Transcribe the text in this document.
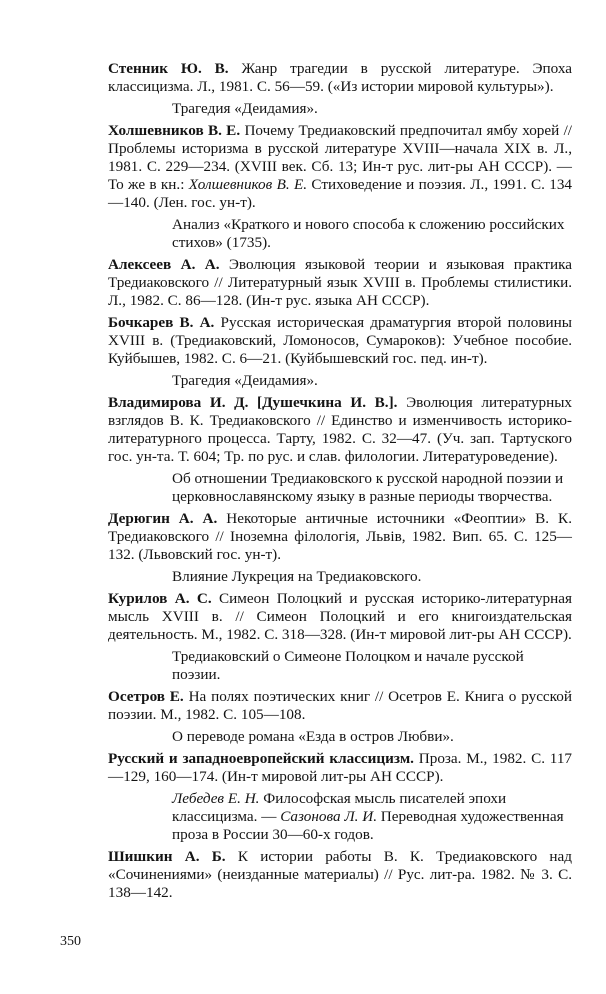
Стенник Ю. В. Жанр трагедии в русской литературе. Эпоха классицизма. Л., 1981. С. 56—59. («Из истории мировой культуры»).

Трагедия «Деидамия».

Холшевников В. Е. Почему Тредиаковский предпочитал ямбу хорей // Проблемы историзма в русской литературе XVIII—начала XIX в. Л., 1981. С. 229—234. (XVIII век. Сб. 13; Ин-т рус. лит-ры АН СССР). — То же в кн.: Холшевников В. Е. Стиховедение и поэзия. Л., 1991. С. 134—140. (Лен. гос. ун-т).

Анализ «Краткого и нового способа к сложению российских стихов» (1735).

Алексеев А. А. Эволюция языковой теории и языковая практика Тредиаковского // Литературный язык XVIII в. Проблемы стилистики. Л., 1982. С. 86—128. (Ин-т рус. языка АН СССР).

Бочкарев В. А. Русская историческая драматургия второй половины XVIII в. (Тредиаковский, Ломоносов, Сумароков): Учебное пособие. Куйбышев, 1982. С. 6—21. (Куйбышевский гос. пед. ин-т).

Трагедия «Деидамия».

Владимирова И. Д. [Душечкина И. В.]. Эволюция литературных взглядов В. К. Тредиаковского // Единство и изменчивость историко-литературного процесса. Тарту, 1982. С. 32—47. (Уч. зап. Тартуского гос. ун-та. Т. 604; Тр. по рус. и слав. филологии. Литературоведение).

Об отношении Тредиаковского к русской народной поэзии и церковнославянскому языку в разные периоды творчества.

Дерюгин А. А. Некоторые античные источники «Феоптии» В. К. Тредиаковского // Іноземна філологія, Львів, 1982. Вип. 65. С. 125—132. (Львовский гос. ун-т).

Влияние Лукреция на Тредиаковского.

Курилов А. С. Симеон Полоцкий и русская историко-литературная мысль XVIII в. // Симеон Полоцкий и его книгоиздательская деятельность. М., 1982. С. 318—328. (Ин-т мировой лит-ры АН СССР).

Тредиаковский о Симеоне Полоцком и начале русской поэзии.

Осетров Е. На полях поэтических книг // Осетров Е. Книга о русской поэзии. М., 1982. С. 105—108.

О переводе романа «Езда в остров Любви».

Русский и западноевропейский классицизм. Проза. М., 1982. С. 117—129, 160—174. (Ин-т мировой лит-ры АН СССР).

Лебедев Е. Н. Философская мысль писателей эпохи классицизма. — Сазонова Л. И. Переводная художественная проза в России 30—60-х годов.

Шишкин А. Б. К истории работы В. К. Тредиаковского над «Сочинениями» (неизданные материалы) // Рус. лит-ра. 1982. № 3. С. 138—142.

350
